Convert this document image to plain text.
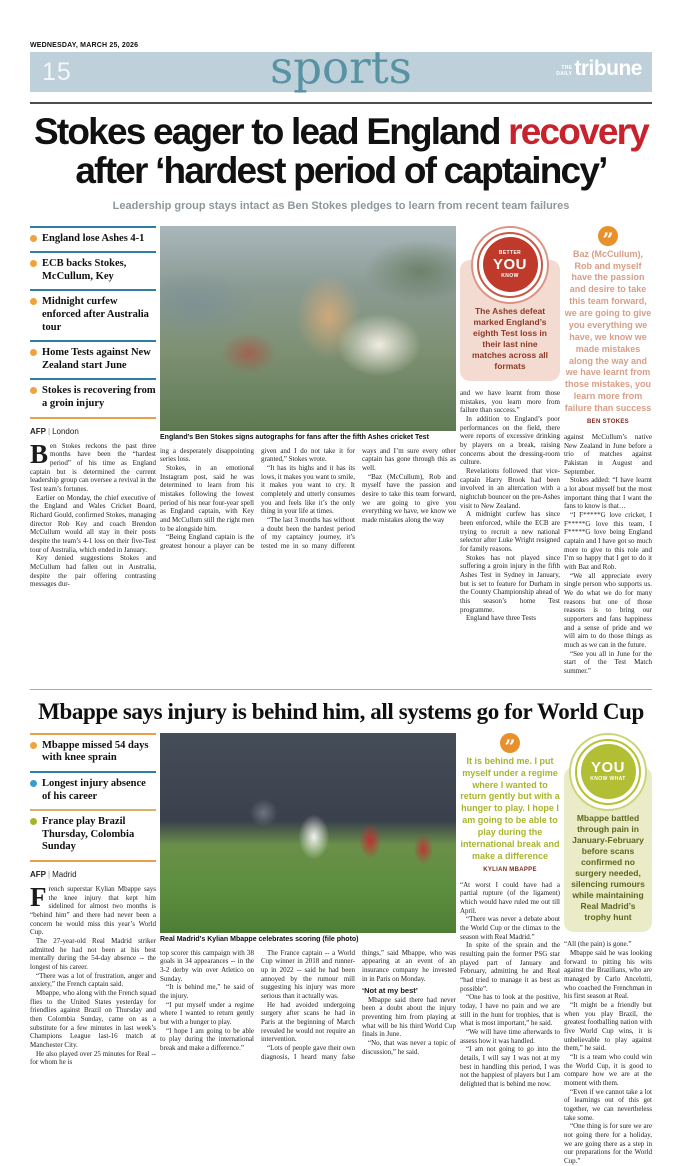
WEDNESDAY, MARCH 25, 2026
15	sports	THE
DAILY tribune
Stokes eager to lead England recovery
after ‘hardest period of captaincy’
Leadership group stays intact as Ben Stokes pledges to learn from recent team failures
England lose Ashes 4-1
ECB backs Stokes, McCullum, Key
Midnight curfew enforced after Australia tour
Home Tests against New Zealand start June
Stokes is recovering from a groin injury
AFP | London

Ben Stokes reckons the past three months have been the “hardest period” of his time as England captain but is determined the current leadership group can oversee a revival in the Test team’s fortunes.

Earlier on Monday, the chief executive of the England and Wales Cricket Board, Richard Gould, confirmed Stokes, managing director Rob Key and coach Brendon McCullum would all stay in their posts despite the team’s 4-1 loss on their five-Test tour of Australia, which ended in January.

Key denied suggestions Stokes and McCullum had fallen out in Australia, despite the pair offering contrasting messages dur-

England’s Ben Stokes signs autographs for fans after the fifth Ashes cricket Test

ing a desperately disappointing series loss.

Stokes, in an emotional Instagram post, said he was determined to learn from his mistakes following the lowest period of his near four-year spell as England captain, with Key and McCullum still the right men to be alongside him.

“Being England captain is the greatest honour a player can be given and I do not take it for granted,” Stokes wrote.

“It has its highs and it has its lows, it makes you want to smile, it makes you want to cry. It completely and utterly consumes you and feels like it’s the only thing in your life at times.

“The last 3 months has without a doubt been the hardest period of my captaincy journey, it’s tested me in so many different ways and I’m sure every other captain has gone through this as well.

“Baz (McCullum), Rob and myself have the passion and desire to take this team forward, we are going to give you everything we have, we know we made mistakes along the way

The Ashes defeat marked England’s eighth Test loss in their last nine matches across all formats
BETTER
YOU
KNOW

and we have learnt from those mistakes, you learn more from failure than success.”

In addition to England’s poor performances on the field, there were reports of excessive drinking by players on a break, raising concerns about the dressing-room culture.

Revelations followed that vice-captain Harry Brook had been involved in an altercation with a nightclub bouncer on the pre-Ashes visit to New Zealand.

A midnight curfew has since been enforced, while the ECB are trying to recruit a new national selector after Luke Wright resigned for family reasons.

Stokes has not played since suffering a groin injury in the fifth Ashes Test in Sydney in January, but is set to feature for Durham in the County Championship ahead of this season’s home Test programme.

England have three Tests

”
Baz (McCullum), Rob and myself have the passion and desire to take this team forward, we are going to give you everything we have, we know we made mistakes along the way and we have learnt from those mistakes, you learn more from failure than success
BEN STOKES

against McCullum’s native New Zealand in June before a trio of matches against Pakistan in August and September.

Stokes added: “I have learnt a lot about myself but the most important thing that I want the fans to know is that…

“I F*****G love cricket, I F*****G love this team, I F*****G love being England captain and I have got so much more to give to this role and I’m so happy that I get to do it with Baz and Rob.

“We all appreciate every single person who supports us. We do what we do for many reasons but one of those reasons is to bring our supporters and fans happiness and a sense of pride and we will aim to do those things as much as we can in the future.

“See you all in June for the start of the Test Match summer.”

Mbappe says injury is behind him, all systems go for World Cup
Mbappe missed 54 days with knee sprain
Longest injury absence of his career
France play Brazil Thursday, Colombia Sunday
AFP | Madrid

French superstar Kylian Mbappe says the knee injury that kept him sidelined for almost two months is “behind him” and there had never been a concern he would miss this year’s World Cup.

The 27-year-old Real Madrid striker admitted he had not been at his best mentally during the 54-day absence -- the longest of his career.

“There was a lot of frustration, anger and anxiety,” the French captain said.

Mbappe, who along with the French squad flies to the United States yesterday for friendlies against Brazil on Thursday and then Colombia Sunday, came on as a substitute for a few minutes in last week’s Champions League last-16 match at Manchester City.

He also played over 25 minutes for Real -- for whom he is

Real Madrid’s Kylian Mbappe celebrates scoring (file photo)

top scorer this campaign with 38 goals in 34 appearances -- in the 3-2 derby win over Atletico on Sunday.

“It is behind me,” he said of the injury.

“I put myself under a regime where I wanted to return gently but with a hunger to play.

“I hope I am going to be able to play during the international break and make a difference.”

The France captain -- a World Cup winner in 2018 and runner-up in 2022 -- said he had been annoyed by the rumour mill suggesting his injury was more serious than it actually was.

He had avoided undergoing surgery after scans he had in Paris at the beginning of March revealed he would not require an intervention.

“Lots of people gave their own diagnosis, I heard many false things,” said Mbappe, who was appearing at an event of an insurance company he invested in in Paris on Monday.

‘Not at my best’

Mbappe said there had never been a doubt about the injury preventing him from playing at what will be his third World Cup finals in June.

“No, that was never a topic of discussion,” he said.

”
It is behind me. I put myself under a regime where I wanted to return gently but with a hunger to play. I hope I am going to be able to play during the international break and make a difference
KYLIAN MBAPPE

“At worst I could have had a partial rupture (of the ligament) which would have ruled me out till April.

“There was never a debate about the World Cup or the climax to the season with Real Madrid.”

In spite of the sprain and the resulting pain the former PSG star played part of January and February, admitting he and Real “had tried to manage it as best as possible”.

“One has to look at the positive, today, I have no pain and we are still in the hunt for trophies, that is what is most important,” he said.

“We will have time afterwards to assess how it was handled.

“I am not going to go into the details, I will say I was not at my best in handling this period, I was not the happiest of players but I am delighted that is behind me now.

Mbappe battled through pain in January-February before scans confirmed no surgery needed, silencing rumours while maintaining Real Madrid’s trophy hunt
YOU
KNOW WHAT

“All (the pain) is gone.”

Mbappe said he was looking forward to pitting his wits against the Brazilians, who are managed by Carlo Ancelotti, who coached the Frenchman in his first season at Real.

“It might be a friendly but when you play Brazil, the greatest footballing nation with five World Cup wins, it is unbelievable to play against them,” he said.

“It is a team who could win the World Cup, it is good to compare how we are at the moment with them.

“Even if we cannot take a lot of learnings out of this get together, we can nevertheless take some.

“One thing is for sure we are not going there for a holiday, we are going there as a step in our preparations for the World Cup.”
